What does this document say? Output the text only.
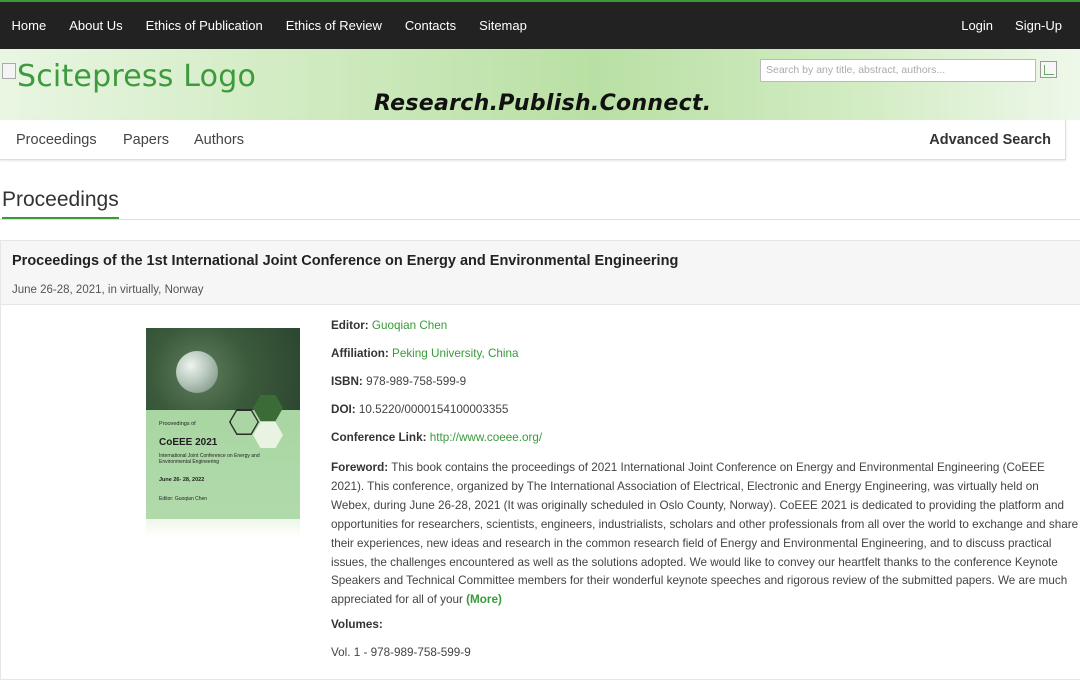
Home	About Us	Ethics of Publication	Ethics of Review	Contacts	Sitemap	Login	Sign-Up
Scitepress Logo
Research.Publish.Connect.
Search by any title, abstract, authors...
Proceedings Papers Authors	Advanced Search
Proceedings
Proceedings of the 1st International Joint Conference on Energy and Environmental Engineering
June 26-28, 2021, in virtually, Norway
Proceedings of
CoEEE 2021
International Joint Conference on Energy and Environmental Engineering
June 26- 28, 2022
Editor: Guoqian Chen
Editor: Guoqian Chen
Affiliation: Peking University, China
ISBN: 978-989-758-599-9
DOI: 10.5220/0000154100003355
Conference Link: http://www.coeee.org/
Foreword: This book contains the proceedings of 2021 International Joint Conference on Energy and Environmental Engineering (CoEEE 2021). This conference, organized by The International Association of Electrical, Electronic and Energy Engineering, was virtually held on Webex, during June 26-28, 2021 (It was originally scheduled in Oslo County, Norway). CoEEE 2021 is dedicated to providing the platform and opportunities for researchers, scientists, engineers, industrialists, scholars and other professionals from all over the world to exchange and share their experiences, new ideas and research in the common research field of Energy and Environmental Engineering, and to discuss practical issues, the challenges encountered as well as the solutions adopted. We would like to convey our heartfelt thanks to the conference Keynote Speakers and Technical Committee members for their wonderful keynote speeches and rigorous review of the submitted papers. We are much appreciated for all of your (More)
Volumes:
Vol. 1 - 978-989-758-599-9
